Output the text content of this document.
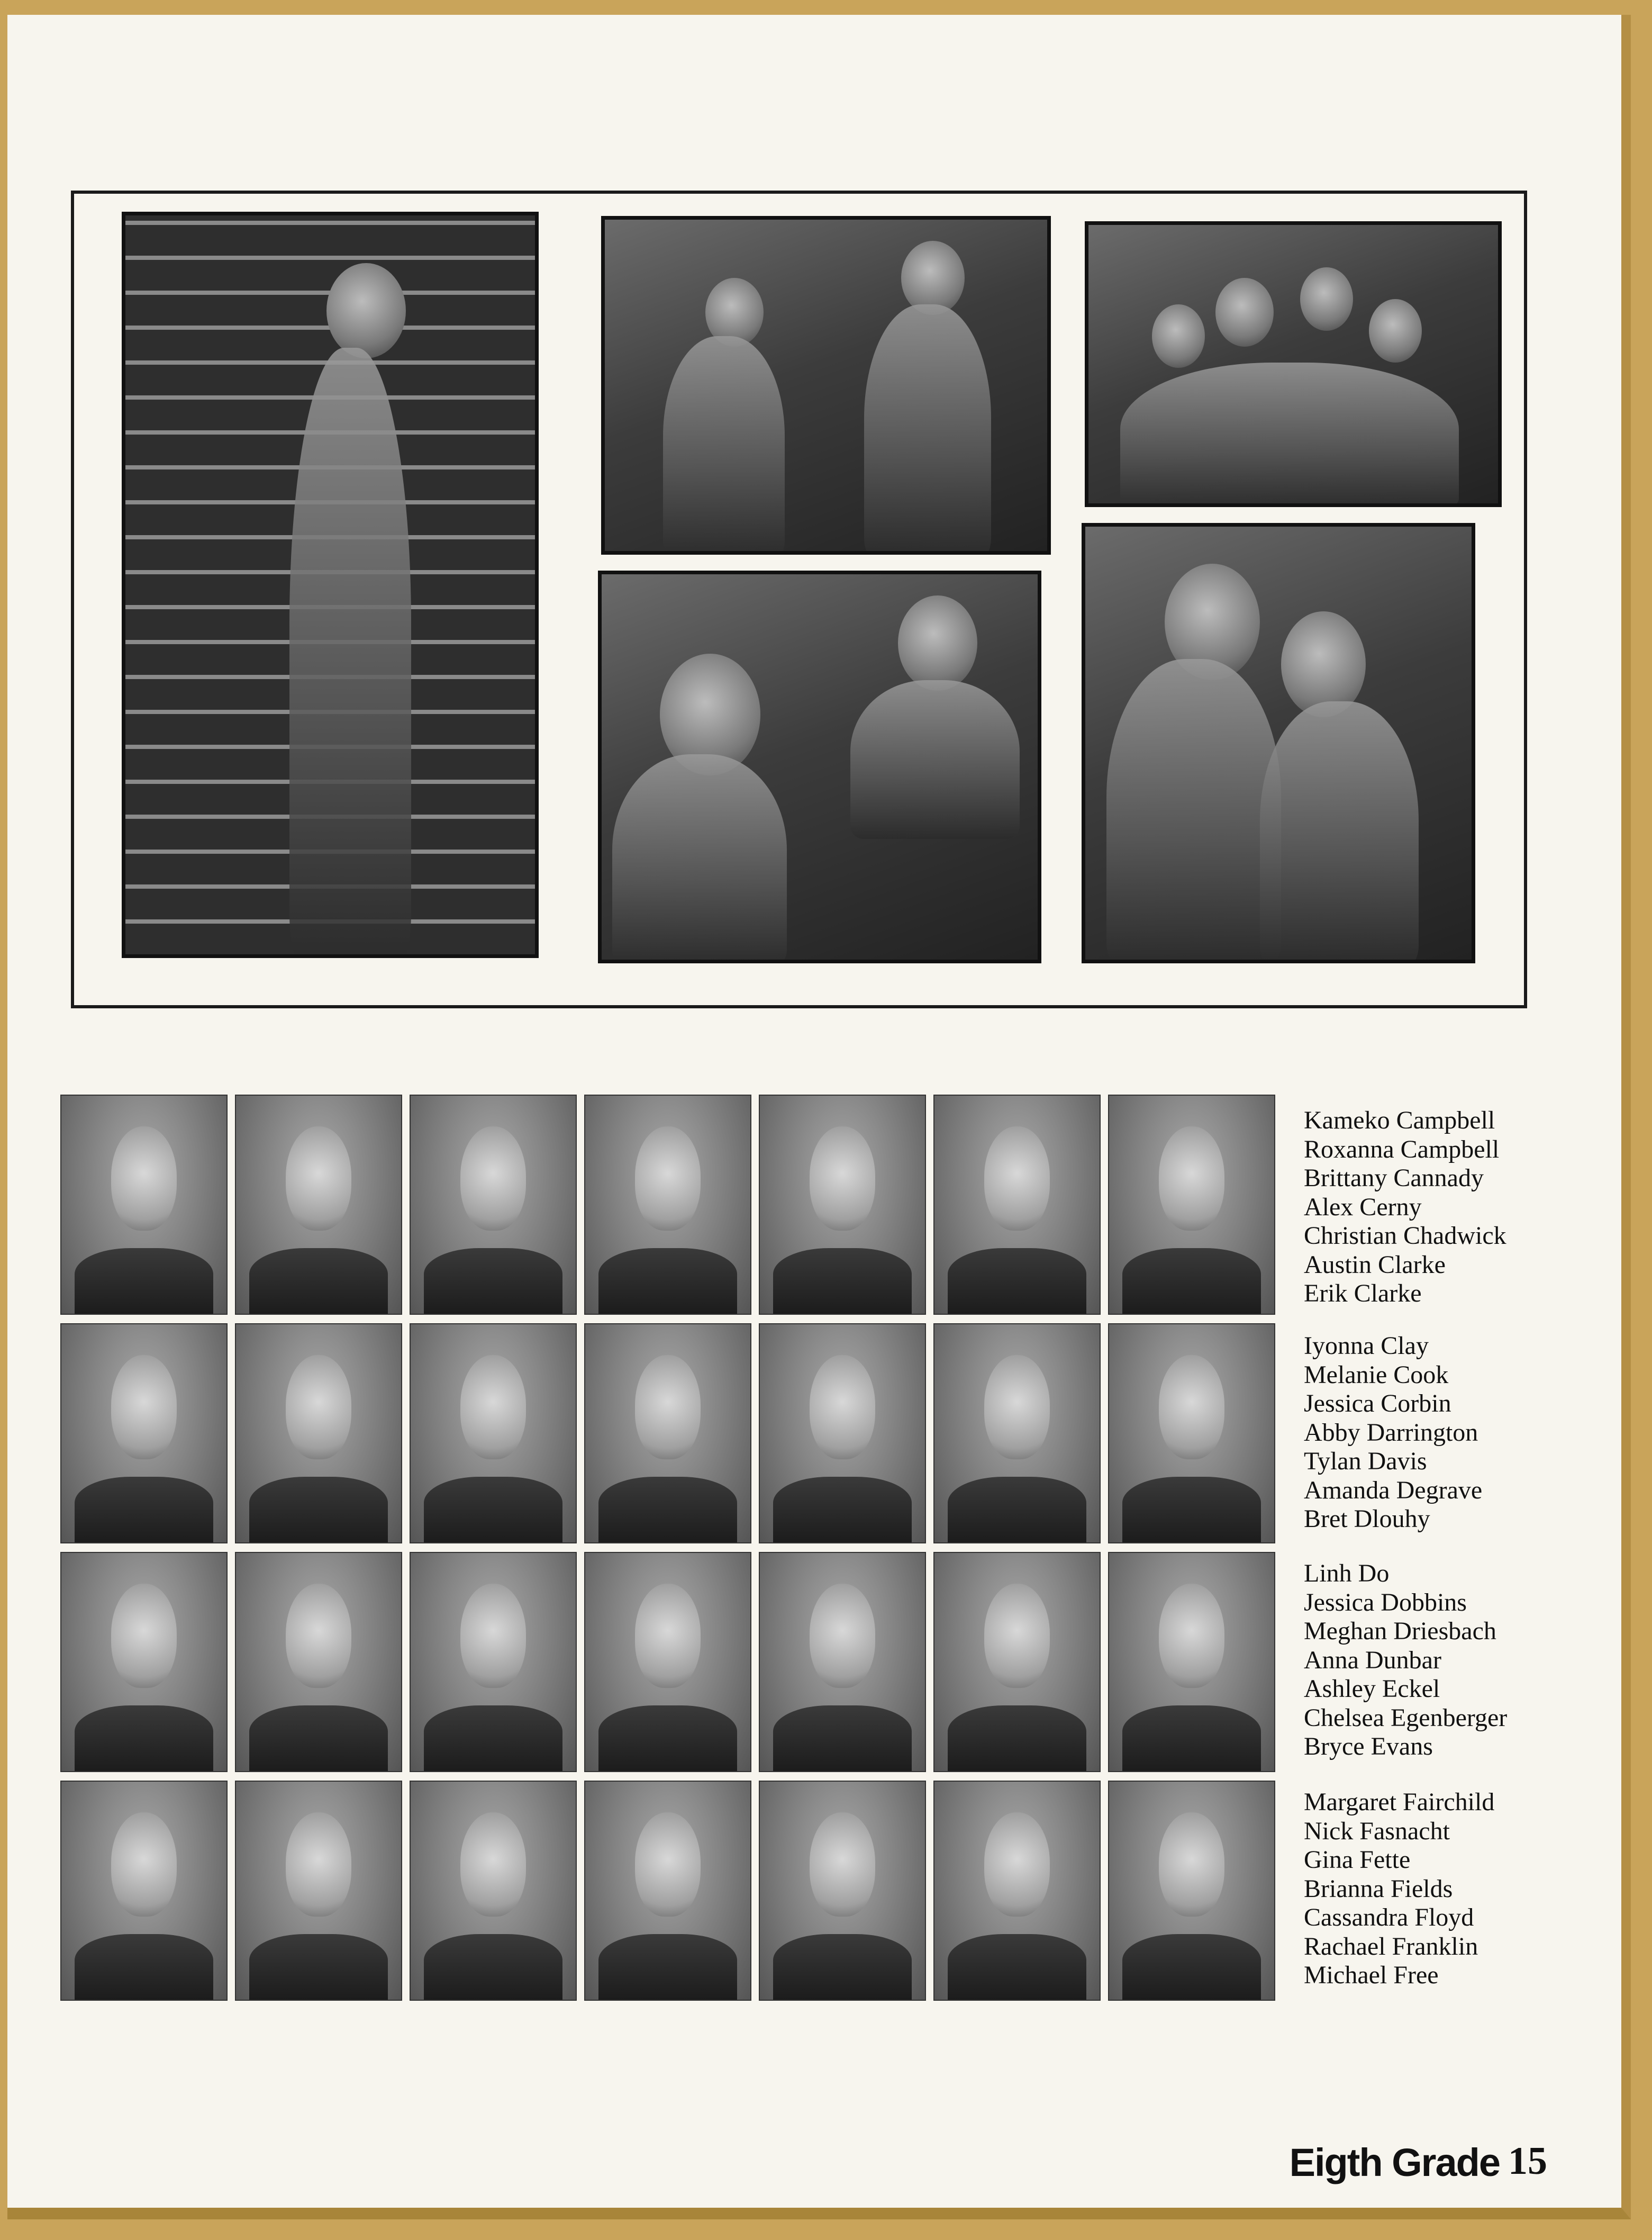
Kameko Campbell
Roxanna Campbell
Brittany Cannady
Alex Cerny
Christian Chadwick
Austin Clarke
Erik Clarke
Iyonna Clay
Melanie Cook
Jessica Corbin
Abby Darrington
Tylan Davis
Amanda Degrave
Bret Dlouhy
Linh Do
Jessica Dobbins
Meghan Driesbach
Anna Dunbar
Ashley Eckel
Chelsea Egenberger
Bryce Evans
Margaret Fairchild
Nick Fasnacht
Gina Fette
Brianna Fields
Cassandra Floyd
Rachael Franklin
Michael Free
Eigth Grade 15
